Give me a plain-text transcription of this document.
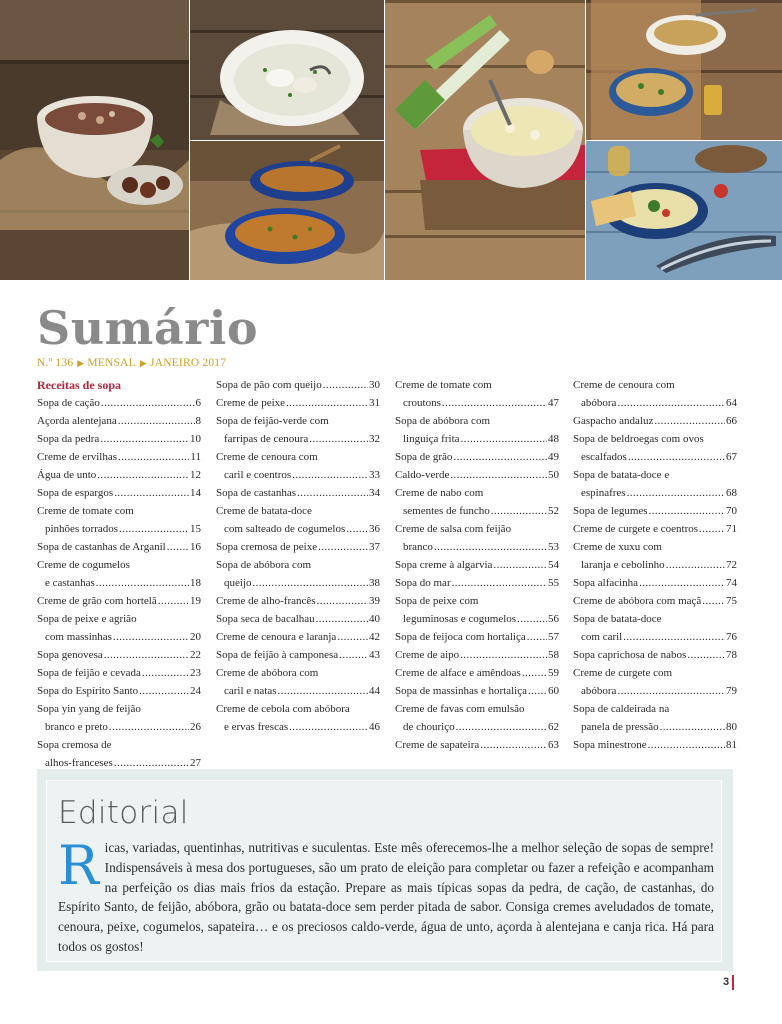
Sumário
N.º 136 ▶ MENSAL ▶ JANEIRO 2017
Receitas de sopa
Sopa de cação .....	6
Açorda alentejana .....	8
Sopa da pedra .....	10
Creme de ervilhas .....	11
Água de unto .....	12
Sopa de espargos .....	14
Creme de tomate com
pinhões torrados .....	15
Sopa de castanhas de Arganil ..... 16
Creme de cogumelos
e castanhas .....	18
Creme de grão com hortelã .....	19
Sopa de peixe e agrião
com massinhas .....	20
Sopa genovesa .....	22
Sopa de feijão e cevada .....	23
Sopa do Espírito Santo .....	24
Sopa yin yang de feijão
branco e preto .....	26
Sopa cremosa de
alhos-franceses .....	27
.....
Sopa de pão com queijo .....	30
Creme de peixe .....	31
Sopa de feijão-verde com
farripas de cenoura .....	32
Creme de cenoura com
caril e coentros .....	33
Sopa de castanhas .....	34
Creme de batata-doce
com salteado de cogumelos ..... 36
Sopa cremosa de peixe .....	37
Sopa de abóbora com
queijo .....	38
Creme de alho-francês .....	39
Sopa seca de bacalhau .....	40
Creme de cenoura e laranja .....	42
Sopa de feijão à camponesa .....	43
Creme de abóbora com
caril e natas .....	44
Creme de cebola com abóbora
e ervas frescas .....	46
Creme de tomate com
croutons .....	47
Sopa de abóbora com
linguiça frita .....	48
Sopa de grão .....	49
Caldo-verde .....	50
Creme de nabo com
sementes de funcho .....	52
Creme de salsa com feijão
branco .....	53
Sopa creme à algarvia .....	54
Sopa do mar .....	55
Sopa de peixe com
leguminosas e cogumelos .....	56
Sopa de feijoca com hortaliça ..... 57
Creme de aipo .....	58
Creme de alface e amêndoas ..... 59
Sopa de massinhas e hortaliça ..... 60
Creme de favas com emulsão
de chouriço .....	62
Creme de sapateira .....	63
Creme de cenoura com
abóbora .....	64
Gaspacho andaluz .....	66
Sopa de beldroegas com ovos
escalfados .....	67
Sopa de batata-doce e
espinafres .....	68
Sopa de legumes .....	70
Creme de curgete e coentros .....	71
Creme de xuxu com
laranja e cebolinho .....	72
Sopa alfacinha .....	74
Creme de abóbora com maçã ..... 75
Sopa de batata-doce
com caril .....	76
Sopa caprichosa de nabos .....	78
Creme de curgete com
abóbora .....	79
Sopa de caldeirada na
panela de pressão .....	80
Sopa minestrone .....	81
Editorial
Ricas, variadas, quentinhas, nutritivas e suculentas. Este mês oferecemos-lhe a melhor seleção de sopas de sempre! Indispensáveis à mesa dos portugueses, são um prato de eleição para completar ou fazer a refeição e acompanham na perfeição os dias mais frios da estação. Prepare as mais típicas sopas da pedra, de cação, de castanhas, do Espírito Santo, de feijão, abóbora, grão ou batata-doce sem perder pitada de sabor. Consiga cremes aveludados de tomate, cenoura, peixe, cogumelos, sapateira… e os preciosos caldo-verde, água de unto, açorda à alentejana e canja rica. Há para todos os gostos!
3
